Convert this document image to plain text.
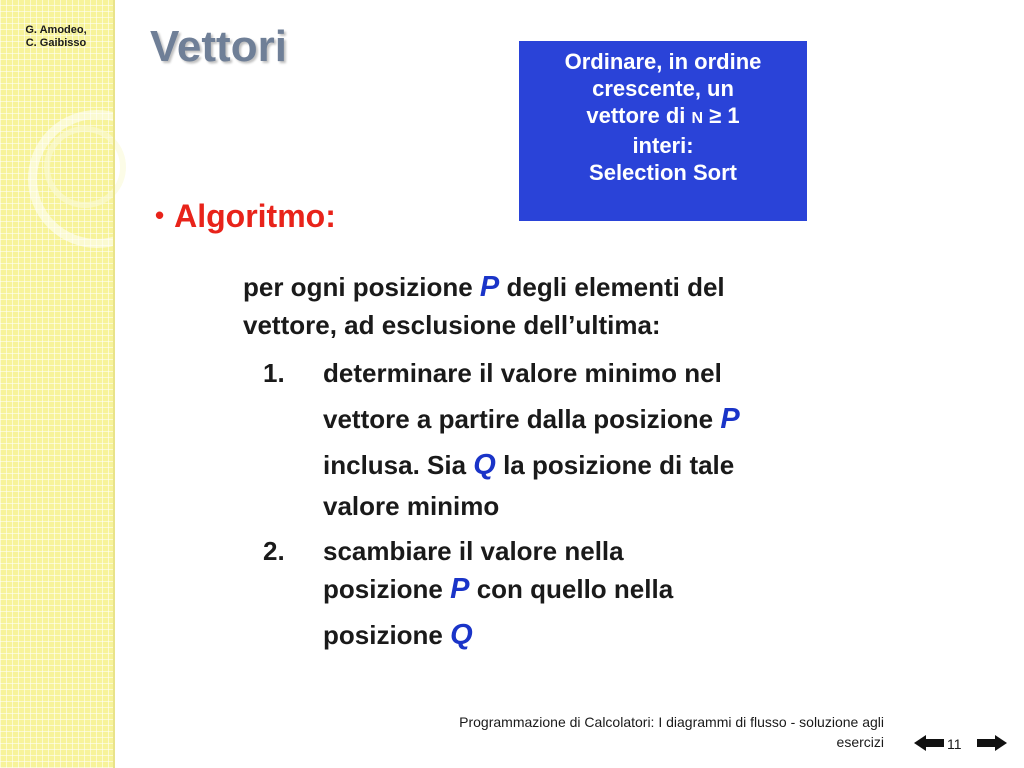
G. Amodeo,
C. Gaibisso Vettori	Ordinare, in ordine
crescente, un
vettore di N ≥ 1
interi:
Selection Sort
• Algoritmo:
per ogni posizione P degli elementi del
vettore, ad esclusione dell’ultima:
1. determinare il valore minimo nel
vettore a partire dalla posizione P
inclusa. Sia Q la posizione di tale
valore minimo
2. scambiare il valore nella
posizione P con quello nella
posizione Q
Programmazione di Calcolatori: I diagrammi di flusso - soluzione agli
esercizi	11
